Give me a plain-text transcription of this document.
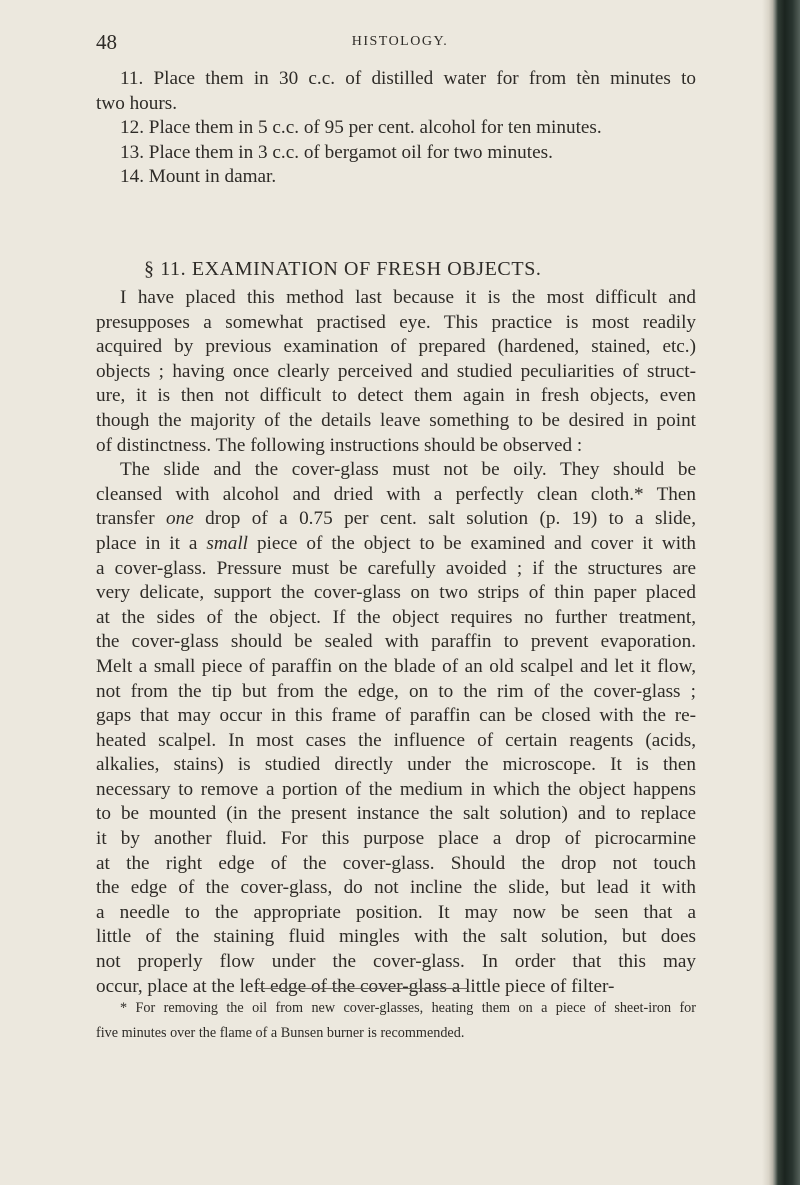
48	HISTOLOGY.
11. Place them in 30 c.c. of distilled water for from tèn minutes to
two hours.
12. Place them in 5 c.c. of 95 per cent. alcohol for ten minutes.
13. Place them in 3 c.c. of bergamot oil for two minutes.
14. Mount in damar.
§ 11. EXAMINATION OF FRESH OBJECTS.
I have placed this method last because it is the most difficult and
presupposes a somewhat practised eye. This practice is most readily
acquired by previous examination of prepared (hardened, stained, etc.)
objects ; having once clearly perceived and studied peculiarities of struct-
ure, it is then not difficult to detect them again in fresh objects, even
though the majority of the details leave something to be desired in point
of distinctness. The following instructions should be observed :
The slide and the cover-glass must not be oily. They should be
cleansed with alcohol and dried with a perfectly clean cloth.* Then
transfer one drop of a 0.75 per cent. salt solution (p. 19) to a slide,
place in it a small piece of the object to be examined and cover it with
a cover-glass. Pressure must be carefully avoided ; if the structures are
very delicate, support the cover-glass on two strips of thin paper placed
at the sides of the object. If the object requires no further treatment,
the cover-glass should be sealed with paraffin to prevent evaporation.
Melt a small piece of paraffin on the blade of an old scalpel and let it flow,
not from the tip but from the edge, on to the rim of the cover-glass ;
gaps that may occur in this frame of paraffin can be closed with the re-
heated scalpel. In most cases the influence of certain reagents (acids,
alkalies, stains) is studied directly under the microscope. It is then
necessary to remove a portion of the medium in which the object happens
to be mounted (in the present instance the salt solution) and to replace
it by another fluid. For this purpose place a drop of picrocarmine
at the right edge of the cover-glass. Should the drop not touch
the edge of the cover-glass, do not incline the slide, but lead it with
a needle to the appropriate position. It may now be seen that a
little of the staining fluid mingles with the salt solution, but does
not properly flow under the cover-glass. In order that this may
occur, place at the left edge of the cover-glass a little piece of filter-
* For removing the oil from new cover-glasses, heating them on a piece of sheet-iron for
five minutes over the flame of a Bunsen burner is recommended.
